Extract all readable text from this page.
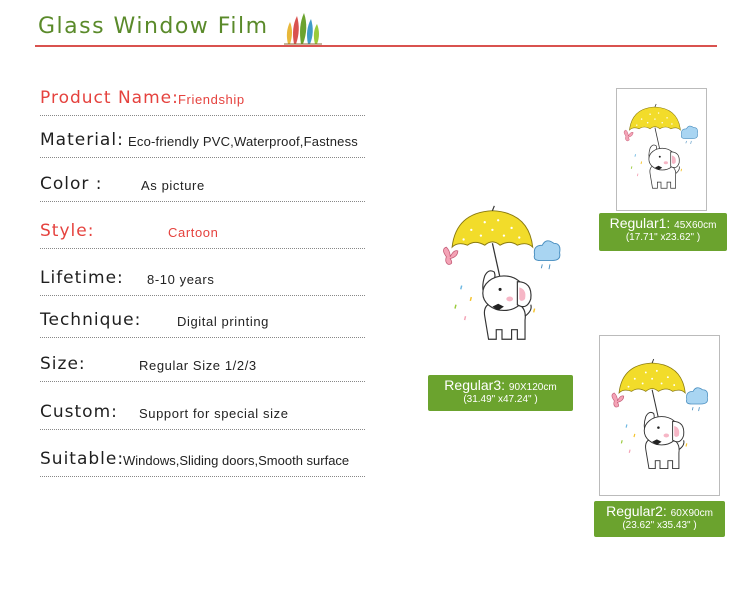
Glass Window Film
Product Name: Friendship
Material: Eco-friendly PVC,Waterproof,Fastness
Color :	As picture
Style:	Cartoon
Lifetime: 8-10 years
Technique:	Digital printing
Size:	Regular Size 1/2/3
Custom: Support for special size
Suitable:
Windows,Sliding doors,Smooth surface
Regular1: 45X60cm
(17.71" x23.62" )
Regular3: 90X120cm
(31.49" x47.24" )
Regular2: 60X90cm
(23.62" x35.43" )
